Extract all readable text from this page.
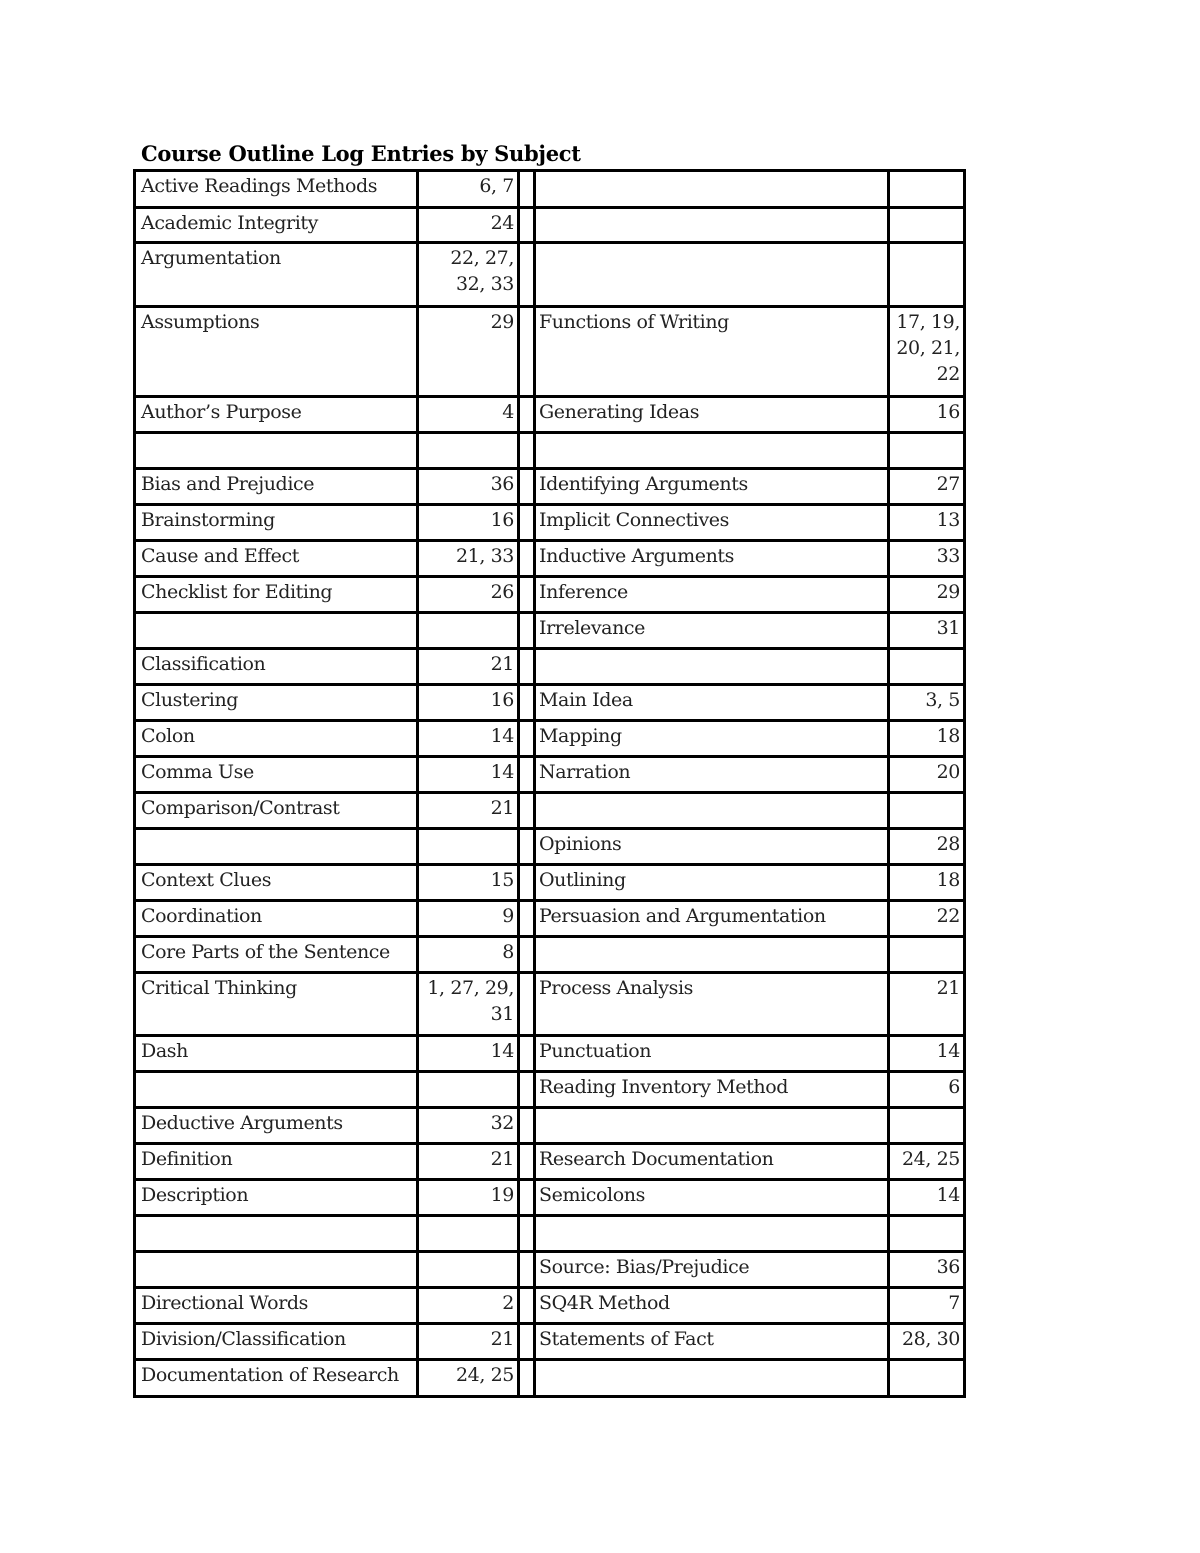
Course Outline Log Entries by Subject
Active Readings Methods	6, 7			
Academic Integrity	24			
Argumentation	22, 27, 32, 33			
Assumptions	29		Functions of Writing	17, 19, 20, 21, 22
Author’s Purpose	4		Generating Ideas	16

Bias and Prejudice	36		Identifying Arguments	27
Brainstorming	16		Implicit Connectives	13
Cause and Effect	21, 33		Inductive Arguments	33
Checklist for Editing	26		Inference	29
			Irrelevance	31
Classification	21			
Clustering	16		Main Idea	3, 5
Colon	14		Mapping	18
Comma Use	14		Narration	20
Comparison/Contrast	21			
			Opinions	28
Context Clues	15		Outlining	18
Coordination	9		Persuasion and Argumentation	22
Core Parts of the Sentence	8			
Critical Thinking	1, 27, 29, 31		Process Analysis	21
Dash	14		Punctuation	14
			Reading Inventory Method	6
Deductive Arguments	32			
Definition	21		Research Documentation	24, 25
Description	19		Semicolons	14

			Source: Bias/Prejudice	36
Directional Words	2		SQ4R Method	7
Division/Classification	21		Statements of Fact	28, 30
Documentation of Research	24, 25			
